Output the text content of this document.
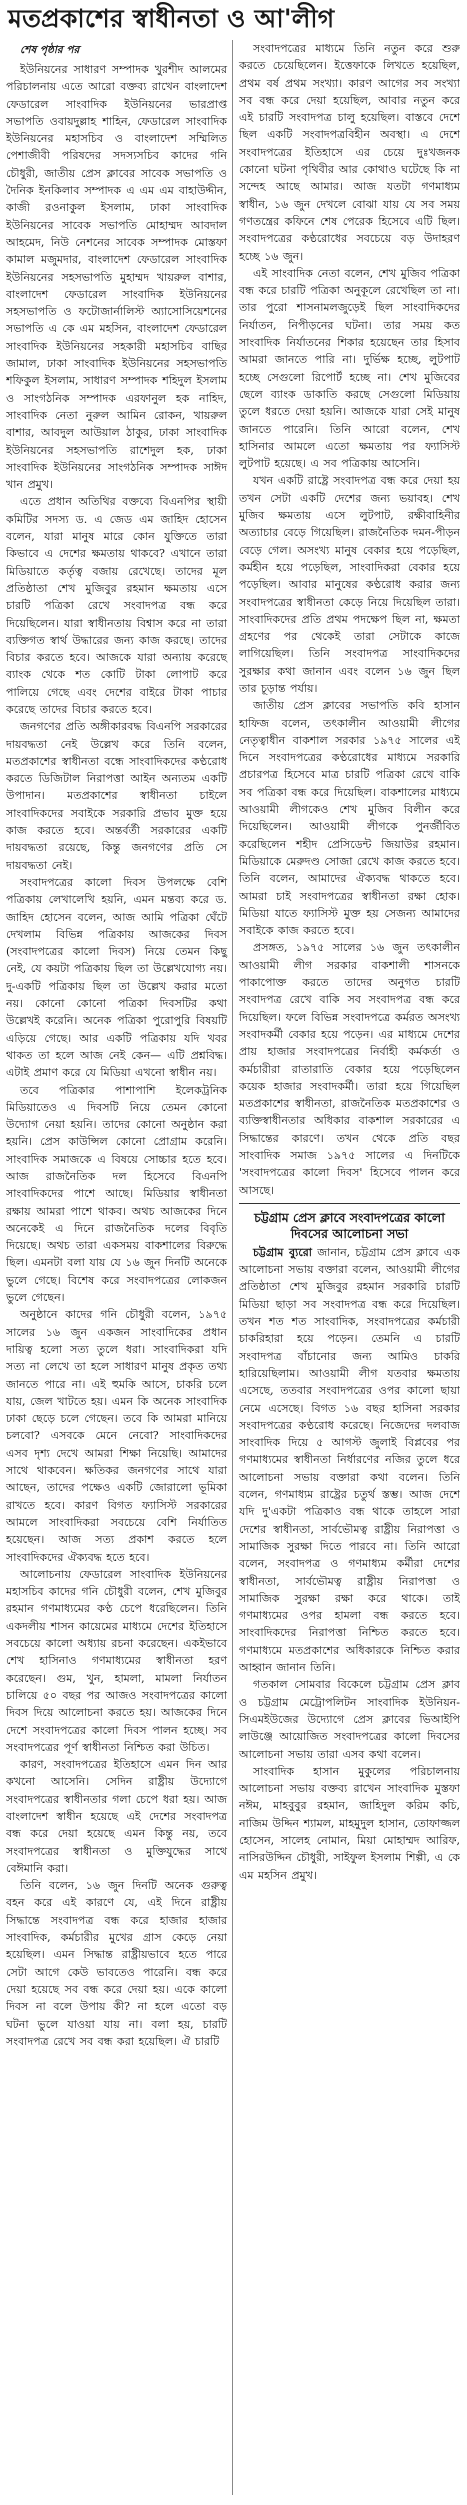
মতপ্রকাশের স্বাধীনতা ও আ'লীগ
শেষ পৃষ্ঠার পর

ইউনিয়নের সাধারণ সম্পাদক খুরশীদ আলমের পরিচালনায় এতে আরো বক্তব্য রাখেন বাংলাদেশ ফেডারেল সাংবাদিক ইউনিয়নের ভারপ্রাপ্ত সভাপতি ওবায়দুল্লাহ শাহিন, ফেডারেল সাংবাদিক ইউনিয়নের মহাসচিব ও বাংলাদেশ সম্মিলিত পেশাজীবী পরিষদের সদস্যসচিব কাদের গনি চৌধুরী, জাতীয় প্রেস ক্লাবের সাবেক সভাপতি ও দৈনিক ইনকিলাব সম্পাদক এ এম এম বাহাউদ্দীন, কাজী রওনাকুল ইসলাম, ঢাকা সাংবাদিক ইউনিয়নের সাবেক সভাপতি মোহাম্মদ আবদাল আহমেদ, নিউ নেশনের সাবেক সম্পাদক মোস্তফা কামাল মজুমদার, বাংলাদেশ ফেডারেল সাংবাদিক ইউনিয়নের সহসভাপতি মুহাম্মদ খায়রুল বাশার, বাংলাদেশ ফেডারেল সাংবাদিক ইউনিয়নের সহসভাপতি ও ফটোজার্নালিস্ট অ্যাসোসিয়েশনের সভাপতি এ কে এম মহসিন, বাংলাদেশ ফেডারেল সাংবাদিক ইউনিয়নের সহকারী মহাসচিব বাছির জামাল, ঢাকা সাংবাদিক ইউনিয়নের সহসভাপতি শফিকুল ইসলাম, সাধারণ সম্পাদক শহিদুল ইসলাম ও সাংগঠনিক সম্পাদক এরফানুল হক নাহিদ, সাংবাদিক নেতা নুরুল আমিন রোকন, খায়রুল বাশার, আবদুল আউয়াল ঠাকুর, ঢাকা সাংবাদিক ইউনিয়নের সহসভাপতি রাশেদুল হক, ঢাকা সাংবাদিক ইউনিয়নের সাংগঠনিক সম্পাদক সাঈদ খান প্রমুখ।

এতে প্রধান অতিথির বক্তব্যে বিএনপির স্থায়ী কমিটির সদস্য ড. এ জেড এম জাহিদ হোসেন বলেন, যারা মানুষ মারে কোন যুক্তিতে তারা কিভাবে এ দেশের ক্ষমতায় থাকবে? এখানে তারা মিডিয়াতে কর্তৃত্ব বজায় রেখেছে। তাদের মূল প্রতিষ্ঠাতা শেখ মুজিবুর রহমান ক্ষমতায় এসে চারটি পত্রিকা রেখে সংবাদপত্র বন্ধ করে দিয়েছিলেন। যারা স্বাধীনতায় বিশ্বাস করে না তারা ব্যক্তিগত স্বার্থ উদ্ধারের জন্য কাজ করছে। তাদের বিচার করতে হবে। আজকে যারা অন্যায় করেছে ব্যাংক থেকে শত কোটি টাকা লোপাট করে পালিয়ে গেছে এবং দেশের বাইরে টাকা পাচার করেছে তাদের বিচার করতে হবে।

জনগণের প্রতি অঙ্গীকারবদ্ধ বিএনপি সরকারের দায়বদ্ধতা নেই উল্লেখ করে তিনি বলেন, মতপ্রকাশের স্বাধীনতা বন্ধে সাংবাদিকদের কণ্ঠরোধ করতে ডিজিটাল নিরাপত্তা আইন অন্যতম একটি উপাদান। মতপ্রকাশের স্বাধীনতা চাইলে সাংবাদিকদের সবাইকে সরকারি প্রভাব মুক্ত হয়ে কাজ করতে হবে। অন্তর্বর্তী সরকারের একটি দায়বদ্ধতা রয়েছে, কিন্তু জনগণের প্রতি সে দায়বদ্ধতা নেই।

সংবাদপত্রের কালো দিবস উপলক্ষে বেশি পত্রিকায় লেখালেখি হয়নি, এমন মন্তব্য করে ড. জাহিদ হোসেন বলেন, আজ আমি পত্রিকা ঘেঁটে দেখলাম বিভিন্ন পত্রিকায় আজকের দিবস (সংবাদপত্রের কালো দিবস) নিয়ে তেমন কিছু নেই, যে কয়টা পত্রিকায় ছিল তা উল্লেখযোগ্য নয়। দু-একটি পত্রিকায় ছিল তা উল্লেখ করার মতো নয়। কোনো কোনো পত্রিকা দিবসটির কথা উল্লেখই করেনি। অনেক পত্রিকা পুরোপুরি বিষয়টি এড়িয়ে গেছে। আর একটি পত্রিকায় যদি খবর থাকত তা হলে আজ নেই কেন— এটি প্রশ্নবিদ্ধ। এটাই প্রমাণ করে যে মিডিয়া এখনো স্বাধীন নয়।

তবে পত্রিকার পাশাপাশি ইলেকট্রনিক মিডিয়াতেও এ দিবসটি নিয়ে তেমন কোনো উদ্যোগ নেয়া হয়নি। তাদের কোনো অনুষ্ঠান করা হয়নি। প্রেস কাউন্সিল কোনো প্রোগ্রাম করেনি। সাংবাদিক সমাজকে এ বিষয়ে সোচ্চার হতে হবে। আজ রাজনৈতিক দল হিসেবে বিএনপি সাংবাদিকদের পাশে আছে। মিডিয়ার স্বাধীনতা রক্ষায় আমরা পাশে থাকব। অথচ আজকের দিনে অনেকেই এ দিনে রাজনৈতিক দলের বিবৃতি দিয়েছে। অথচ তারা একসময় বাকশালের বিরুদ্ধে ছিল। এমনটা বলা যায় যে ১৬ জুন দিনটি অনেকে ভুলে গেছে। বিশেষ করে সংবাদপত্রের লোকজন ভুলে গেছেন।

অনুষ্ঠানে কাদের গনি চৌধুরী বলেন, ১৯৭৫ সালের ১৬ জুন একজন সাংবাদিকের প্রধান দায়িত্ব হলো সত্য তুলে ধরা। সাংবাদিকরা যদি সত্য না লেখে তা হলে সাধারণ মানুষ প্রকৃত তথ্য জানতে পারে না। এই হুমকি আসে, চাকরি চলে যায়, জেল খাটতে হয়। এমন কি অনেক সাংবাদিক ঢাকা ছেড়ে চলে গেছেন। তবে কি আমরা মানিয়ে চলবো? এসবকে মেনে নেবো? সাংবাদিকদের এসব দৃশ্য দেখে আমরা শিক্ষা নিয়েছি। আমাদের সাথে থাকবেন। ক্ষতিকর জনগণের সাথে যারা আছেন, তাদের পক্ষেও একটি জোরালো ভূমিকা রাখতে হবে। কারণ বিগত ফ্যাসিস্ট সরকারের আমলে সাংবাদিকরা সবচেয়ে বেশি নির্যাতিত হয়েছেন। আজ সত্য প্রকাশ করতে হলে সাংবাদিকদের ঐক্যবদ্ধ হতে হবে।

আলোচনায় ফেডারেল সাংবাদিক ইউনিয়নের মহাসচিব কাদের গনি চৌধুরী বলেন, শেখ মুজিবুর রহমান গণমাধ্যমের কণ্ঠ চেপে ধরেছিলেন। তিনি একদলীয় শাসন কায়েমের মাধ্যমে দেশের ইতিহাসে সবচেয়ে কালো অধ্যায় রচনা করেছেন। একইভাবে শেখ হাসিনাও গণমাধ্যমের স্বাধীনতা হরণ করেছেন। গুম, খুন, হামলা, মামলা নির্যাতন চালিয়ে ৫০ বছর পর আজও সংবাদপত্রের কালো দিবস দিয়ে আলোচনা করতে হয়। আজকের দিনে দেশে সংবাদপত্রের কালো দিবস পালন হচ্ছে। সব সংবাদপত্রের পূর্ণ স্বাধীনতা নিশ্চিত করা উচিত।

কারণ, সংবাদপত্রের ইতিহাসে এমন দিন আর কখনো আসেনি। সেদিন রাষ্ট্রীয় উদ্যোগে সংবাদপত্রের স্বাধীনতার গলা চেপে ধরা হয়। আজ বাংলাদেশ স্বাধীন হয়েছে এই দেশের সংবাদপত্র বন্ধ করে দেয়া হয়েছে এমন কিন্তু নয়, তবে সংবাদপত্রের স্বাধীনতা ও মুক্তিযুদ্ধের সাথে বেঈমানি করা।

তিনি বলেন, ১৬ জুন দিনটি অনেক গুরুত্ব বহন করে এই কারণে যে, এই দিনে রাষ্ট্রীয় সিদ্ধান্তে সংবাদপত্র বন্ধ করে হাজার হাজার সাংবাদিক, কর্মচারীর মুখের গ্রাস কেড়ে নেয়া হয়েছিল। এমন সিদ্ধান্ত রাষ্ট্রীয়ভাবে হতে পারে সেটা আগে কেউ ভাবতেও পারেনি। বন্ধ করে দেয়া হয়েছে সব বন্ধ করে দেয়া হয়। একে কালো দিবস না বলে উপায় কী? না হলে এতো বড় ঘটনা ভুলে যাওয়া যায় না। বলা হয়, চারটি সংবাদপত্র রেখে সব বন্ধ করা হয়েছিল। ঐ চারটি

সংবাদপত্রের মাধ্যমে তিনি নতুন করে শুরু করতে চেয়েছিলেন। ইত্তেফাকে লিখতে হয়েছিল, প্রথম বর্ষ প্রথম সংখ্যা। কারণ আগের সব সংখ্যা সব বন্ধ করে দেয়া হয়েছিল, আবার নতুন করে এই চারটি সংবাদপত্র চালু হয়েছিল। বাস্তবে দেশে ছিল একটি সংবাদপত্রবিহীন অবস্থা। এ দেশে সংবাদপত্রের ইতিহাসে এর চেয়ে দুঃখজনক কোনো ঘটনা পৃথিবীর আর কোথাও ঘটেছে কি না সন্দেহ আছে আমার। আজ যতটা গণমাধ্যম স্বাধীন, ১৬ জুন দেখলে বোঝা যায় যে সব সময় গণতন্ত্রের কফিনে শেষ পেরেক হিসেবে এটি ছিল। সংবাদপত্রের কণ্ঠরোধের সবচেয়ে বড় উদাহরণ হচ্ছে ১৬ জুন।

এই সাংবাদিক নেতা বলেন, শেখ মুজিব পত্রিকা বন্ধ করে চারটি পত্রিকা অনুকূলে রেখেছিল তা না। তার পুরো শাসনামলজুড়েই ছিল সাংবাদিকদের নির্যাতন, নিপীড়নের ঘটনা। তার সময় কত সাংবাদিক নির্যাতনের শিকার হয়েছেন তার হিসাব আমরা জানতে পারি না। দুর্ভিক্ষ হচ্ছে, লুটপাট হচ্ছে সেগুলো রিপোর্ট হচ্ছে না। শেখ মুজিবের ছেলে ব্যাংক ডাকাতি করছে সেগুলো মিডিয়ায় তুলে ধরতে দেয়া হয়নি। আজকে যারা সেই মানুষ জানতে পারেনি। তিনি আরো বলেন, শেখ হাসিনার আমলে এতো ক্ষমতায় পর ফ্যাসিস্ট লুটপাট হয়েছে। এ সব পত্রিকায় আসেনি।

যখন একটি রাষ্ট্রে সংবাদপত্র বন্ধ করে দেয়া হয় তখন সেটা একটি দেশের জন্য ভয়াবহ। শেখ মুজিব ক্ষমতায় এসে লুটপাট, রক্ষীবাহিনীর অত্যাচার বেড়ে গিয়েছিল। রাজনৈতিক দমন-পীড়ন বেড়ে গেল। অসংখ্য মানুষ বেকার হয়ে পড়েছিল, কর্মহীন হয়ে পড়েছিল, সাংবাদিকরা বেকার হয়ে পড়েছিল। আবার মানুষের কণ্ঠরোধ করার জন্য সংবাদপত্রের স্বাধীনতা কেড়ে নিয়ে দিয়েছিল তারা। সাংবাদিকদের প্রতি প্রথম পদক্ষেপ ছিল না, ক্ষমতা গ্রহণের পর থেকেই তারা সেটাকে কাজে লাগিয়েছিল। তিনি সংবাদপত্র সাংবাদিকদের সুরক্ষার কথা জানান এবং বলেন ১৬ জুন ছিল তার চূড়ান্ত পর্যায়।

জাতীয় প্রেস ক্লাবের সভাপতি কবি হাসান হাফিজ বলেন, তৎকালীন আওয়ামী লীগের নেতৃত্বাধীন বাকশাল সরকার ১৯৭৫ সালের এই দিনে সংবাদপত্রের কণ্ঠরোধের মাধ্যমে সরকারি প্রচারপত্র হিসেবে মাত্র চারটি পত্রিকা রেখে বাকি সব পত্রিকা বন্ধ করে দিয়েছিল। বাকশালের মাধ্যমে আওয়ামী লীগকেও শেখ মুজিব বিলীন করে দিয়েছিলেন। আওয়ামী লীগকে পুনর্জীবিত করেছিলেন শহীদ প্রেসিডেন্ট জিয়াউর রহমান। মিডিয়াকে মেরুদণ্ড সোজা রেখে কাজ করতে হবে। তিনি বলেন, আমাদের ঐক্যবদ্ধ থাকতে হবে। আমরা চাই সংবাদপত্রের স্বাধীনতা রক্ষা হোক। মিডিয়া যাতে ফ্যাসিস্ট মুক্ত হয় সেজন্য আমাদের সবাইকে কাজ করতে হবে।

প্রসঙ্গত, ১৯৭৫ সালের ১৬ জুন তৎকালীন আওয়ামী লীগ সরকার বাকশালী শাসনকে পাকাপোক্ত করতে তাদের অনুগত চারটি সংবাদপত্র রেখে বাকি সব সংবাদপত্র বন্ধ করে দিয়েছিল। ফলে বিভিন্ন সংবাদপত্রে কর্মরত অসংখ্য সংবাদকর্মী বেকার হয়ে পড়েন। এর মাধ্যমে দেশের প্রায় হাজার সংবাদপত্রের নির্বাহী কর্মকর্তা ও কর্মচারীরা রাতারাতি বেকার হয়ে পড়েছিলেন কয়েক হাজার সংবাদকর্মী। তারা হয়ে গিয়েছিল মতপ্রকাশের স্বাধীনতা, রাজনৈতিক মতপ্রকাশের ও ব্যক্তিস্বাধীনতার অধিকার বাকশাল সরকারের এ সিদ্ধান্তের কারণে। তখন থেকে প্রতি বছর সাংবাদিক সমাজ ১৯৭৫ সালের এ দিনটিকে 'সংবাদপত্রের কালো দিবস' হিসেবে পালন করে আসছে।

চট্টগ্রাম প্রেস ক্লাবে সংবাদপত্রের কালো দিবসের আলোচনা সভা

চট্টগ্রাম ব্যুরো জানান, চট্টগ্রাম প্রেস ক্লাবে এক আলোচনা সভায় বক্তারা বলেন, আওয়ামী লীগের প্রতিষ্ঠাতা শেখ মুজিবুর রহমান সরকারি চারটি মিডিয়া ছাড়া সব সংবাদপত্র বন্ধ করে দিয়েছিল। তখন শত শত সাংবাদিক, সংবাদপত্রের কর্মচারী চাকরিহারা হয়ে পড়েন। তেমনি এ চারটি সংবাদপত্র বাঁচানোর জন্য আমিও চাকরি হারিয়েছিলাম। আওয়ামী লীগ যতবার ক্ষমতায় এসেছে, ততবার সংবাদপত্রের ওপর কালো ছায়া নেমে এসেছে। বিগত ১৬ বছর হাসিনা সরকার সংবাদপত্রের কণ্ঠরোধ করেছে। নিজেদের দলবাজ সাংবাদিক দিয়ে ৫ আগস্ট জুলাই বিপ্লবের পর গণমাধ্যমের স্বাধীনতা নির্ধারণের নজির তুলে ধরে আলোচনা সভায় বক্তারা কথা বলেন। তিনি বলেন, গণমাধ্যম রাষ্ট্রের চতুর্থ স্তম্ভ। আজ দেশে যদি দু'একটা পত্রিকাও বন্ধ থাকে তাহলে সারা দেশের স্বাধীনতা, সার্বভৌমত্ব রাষ্ট্রীয় নিরাপত্তা ও সামাজিক সুরক্ষা দিতে পারবে না। তিনি আরো বলেন, সংবাদপত্র ও গণমাধ্যম কর্মীরা দেশের স্বাধীনতা, সার্বভৌমত্ব রাষ্ট্রীয় নিরাপত্তা ও সামাজিক সুরক্ষা রক্ষা করে থাকে। তাই গণমাধ্যমের ওপর হামলা বন্ধ করতে হবে। সাংবাদিকদের নিরাপত্তা নিশ্চিত করতে হবে। গণমাধ্যমে মতপ্রকাশের অধিকারকে নিশ্চিত করার আহ্বান জানান তিনি।

গতকাল সোমবার বিকেলে চট্টগ্রাম প্রেস ক্লাব ও চট্টগ্রাম মেট্রোপলিটন সাংবাদিক ইউনিয়ন-সিএমইউজের উদ্যোগে প্রেস ক্লাবের ভিআইপি লাউঞ্জে আয়োজিত সংবাদপত্রের কালো দিবসের আলোচনা সভায় তারা এসব কথা বলেন।

সাংবাদিক হাসান মুকুলের পরিচালনায় আলোচনা সভায় বক্তব্য রাখেন সাংবাদিক মুস্তফা নঈম, মাহবুবুর রহমান, জাহিদুল করিম কচি, নাজিম উদ্দিন শ্যামল, মাহমুদুল হাসান, তোফাজ্জল হোসেন, সালেহ নোমান, মিয়া মোহাম্মদ আরিফ, নাসিরউদ্দিন চৌধুরী, সাইফুল ইসলাম শিল্পী, এ কে এম মহসিন প্রমুখ।
